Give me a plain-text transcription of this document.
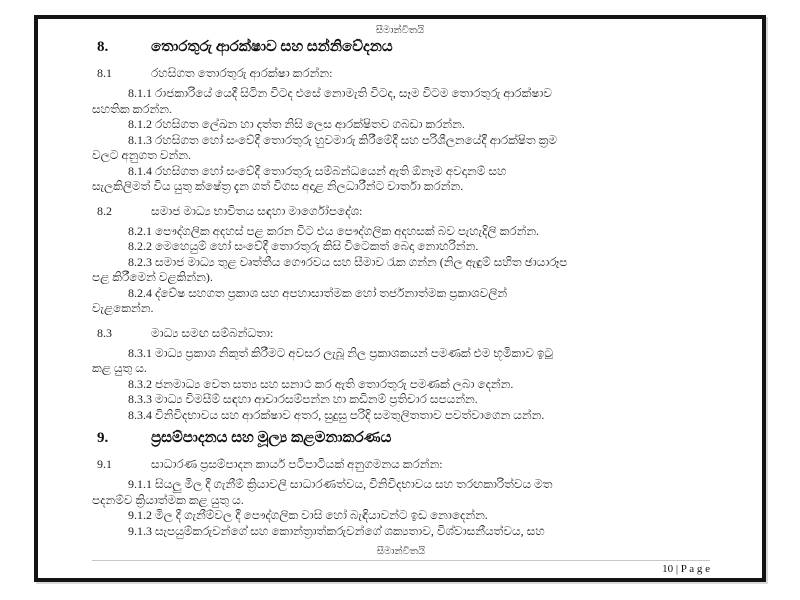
සීමාන්විතයි
8.	තොරතුරු ආරක්ෂාව සහ සන්නිවේදනය
8.1	රහසිගත තොරතුරු ආරක්ෂා කරන්න:
8.1.1 රාජකාරියේ යෙදී සිටින විටද එසේ නොමැති විටද, සෑම විටම තොරතුරු ආරක්ෂාව
සහතික කරන්න.
8.1.2 රහසිගත ලේඛන හා දත්ත නිසි ලෙස ආරක්ෂිතව ගබඩා කරන්න.
8.1.3 රහසිගත හෝ සංවේදී තොරතුරු හුවමාරු කිරීමේදී සහ පරිශීලනයේදී ආරක්ෂිත ක්‍රම
වලට අනුගත වන්න.
8.1.4 රහසිගත හෝ සංවේදී තොරතුරු සම්බන්ධයෙන් ඇති ඕනෑම අවදානම් සහ
සැලකිලිමත් විය යුතු ක්ෂේත්‍ර දැන ගත් විගස අදාළ නිලධාරීන්ට වාර්තා කරන්න.
8.2	සමාජ මාධ්‍ය භාවිතය සඳහා මාර්ගෝපදේශ:
8.2.1 පෞද්ගලික අදහස් පළ කරන විට එය පෞද්ගලික අදහසක් බව පැහැදිලි කරන්න.
8.2.2 මෙහෙයුම් හෝ සංවේදී තොරතුරු කිසි විටෙකත් බෙදා නොහරින්න.
8.2.3 සමාජ මාධ්‍ය තුළ වෘත්තීය ගෞරවය සහ සීමාව රැක ගන්න (නිල ඇඳුම් සහිත ඡායාරූප
පළ කිරීමෙන් වළකින්න).
8.2.4 ද්වේෂ සහගත ප්‍රකාශ සහ අපහාසාත්මක හෝ තර්ජනාත්මක ප්‍රකාශවලින්
වැළකෙන්න.
8.3	මාධ්‍ය සමඟ සම්බන්ධතා:
8.3.1 මාධ්‍ය ප්‍රකාශ නිකුත් කිරීමට අවසර ලැබූ නිල ප්‍රකාශකයන් පමණක් එම භූමිකාව ඉටු
කළ යුතු ය.
8.3.2 ජනමාධ්‍ය වෙත සත්‍ය සහ සනාථ කර ඇති තොරතුරු පමණක් ලබා දෙන්න.
8.3.3 මාධ්‍ය විමසීම් සඳහා ආචාරසම්පන්න හා කඩිනම් ප්‍රතිචාර සපයන්න.
8.3.4 විනිවිදභාවය සහ ආරක්ෂාව අතර, සුදුසු පරිදි සමතුලිතතාව පවත්වාගෙන යන්න.
9.	ප්‍රසම්පාදනය සහ මූල්‍ය කළමනාකරණය
9.1	සාධාරණ ප්‍රසම්පාදන කාර්ය පටිපාටියක් අනුගමනය කරන්න:
9.1.1 සියලු මිල දී ගැනීම් ක්‍රියාවලි සාධාරණත්වය, විනිවිදභාවය සහ තරඟකාරිත්වය මත
පදනම්ව ක්‍රියාත්මක කළ යුතු ය.
9.1.2 මිල දී ගැනීම්වල දී පෞද්ගලික වාසි හෝ බැඳියාවන්ට ඉඩ නොදෙන්න.
9.1.3 සැපයුම්කරුවන්ගේ සහ කොන්ත්‍රාත්කරුවන්ගේ ශක්‍යතාව, විශ්වාසනීයත්වය, සහ
සීමාන්විතයි
10 | P a g e
